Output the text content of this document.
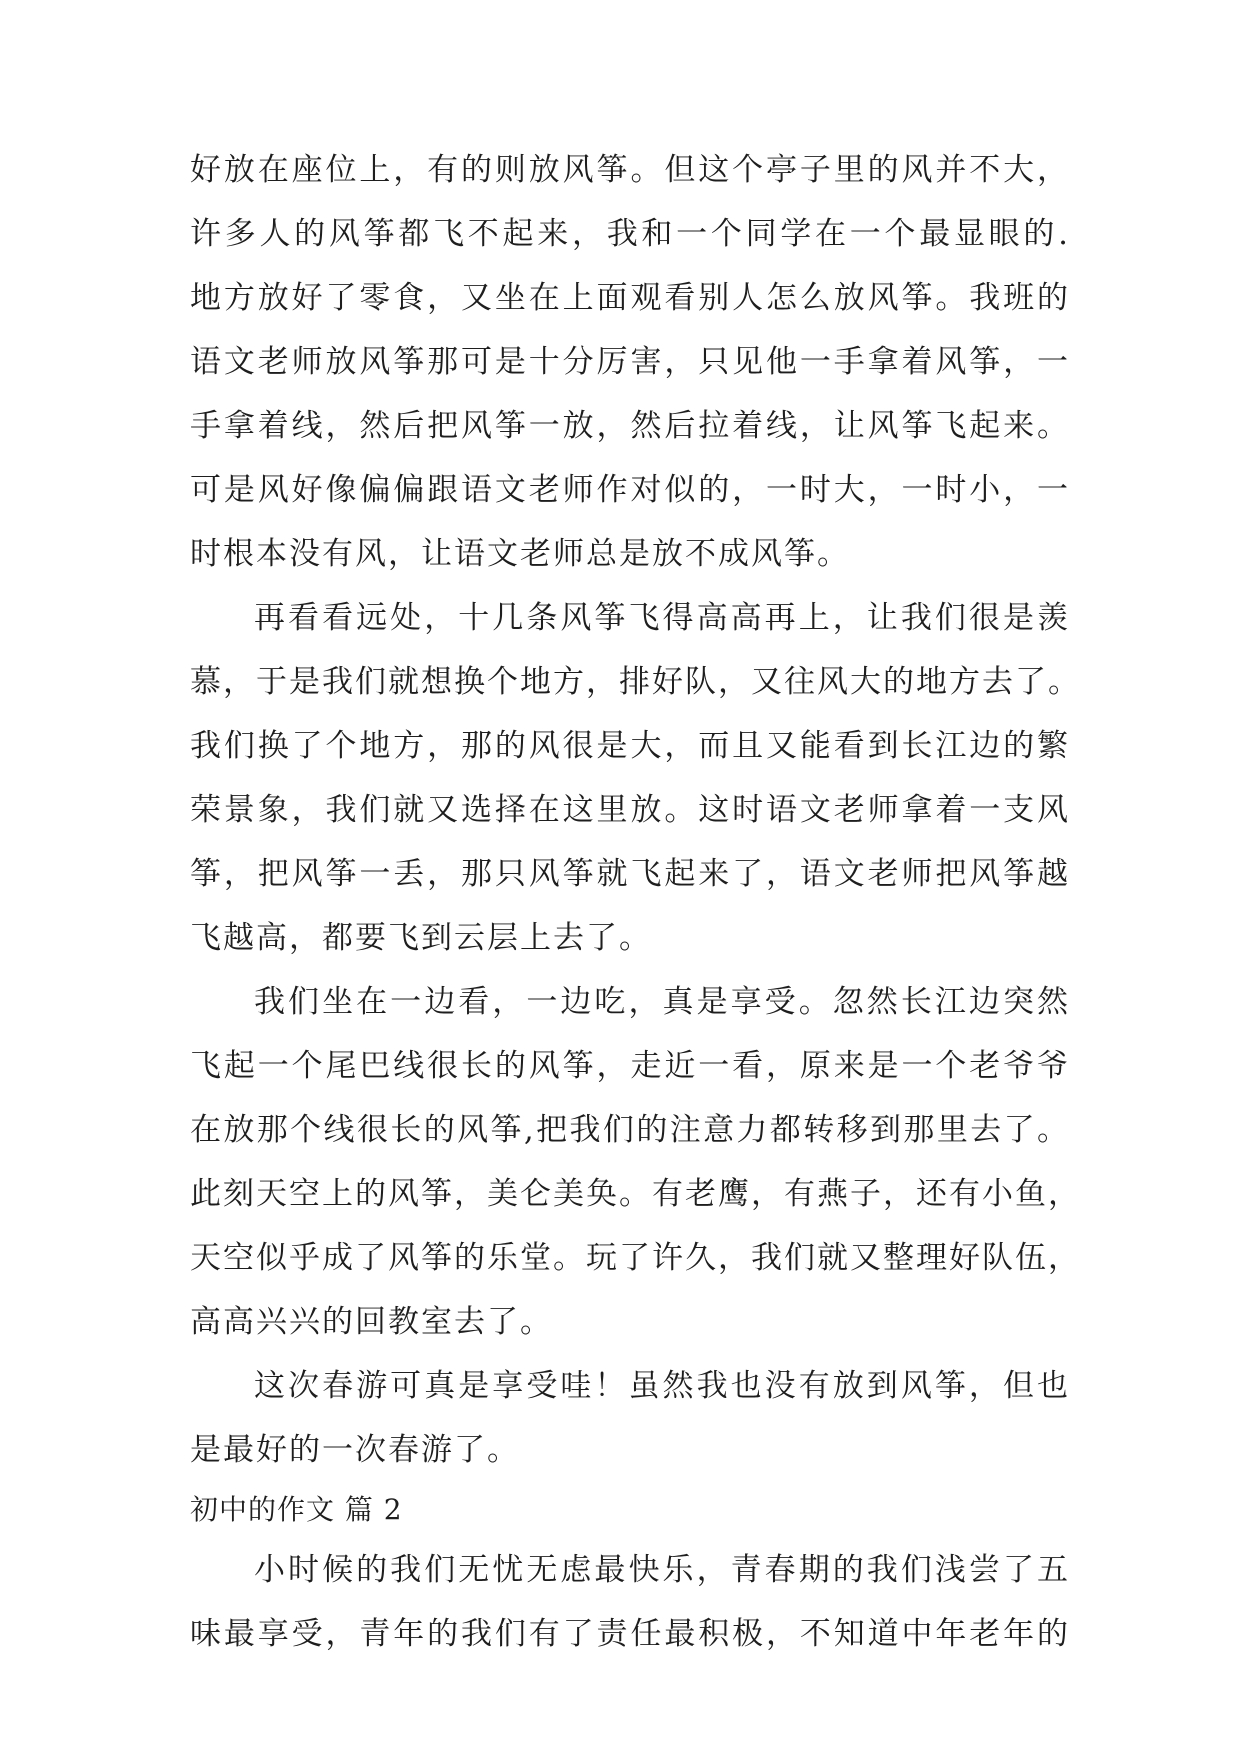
好放在座位上，有的则放风筝。但这个亭子里的风并不大，
许多人的风筝都飞不起来，我和一个同学在一个最显眼的.
地方放好了零食，又坐在上面观看别人怎么放风筝。我班的
语文老师放风筝那可是十分厉害，只见他一手拿着风筝，一
手拿着线，然后把风筝一放，然后拉着线，让风筝飞起来。
可是风好像偏偏跟语文老师作对似的，一时大，一时小，一
时根本没有风，让语文老师总是放不成风筝。
再看看远处，十几条风筝飞得高高再上，让我们很是羡
慕，于是我们就想换个地方，排好队，又往风大的地方去了。
我们换了个地方，那的风很是大，而且又能看到长江边的繁
荣景象，我们就又选择在这里放。这时语文老师拿着一支风
筝，把风筝一丢，那只风筝就飞起来了，语文老师把风筝越
飞越高，都要飞到云层上去了。
我们坐在一边看，一边吃，真是享受。忽然长江边突然
飞起一个尾巴线很长的风筝，走近一看，原来是一个老爷爷
在放那个线很长的风筝,把我们的注意力都转移到那里去了。
此刻天空上的风筝，美仑美奂。有老鹰，有燕子，还有小鱼，
天空似乎成了风筝的乐堂。玩了许久，我们就又整理好队伍，
高高兴兴的回教室去了。
这次春游可真是享受哇！虽然我也没有放到风筝，但也
是最好的一次春游了。
初中的作文 篇 2
小时候的我们无忧无虑最快乐，青春期的我们浅尝了五
味最享受，青年的我们有了责任最积极，不知道中年老年的
